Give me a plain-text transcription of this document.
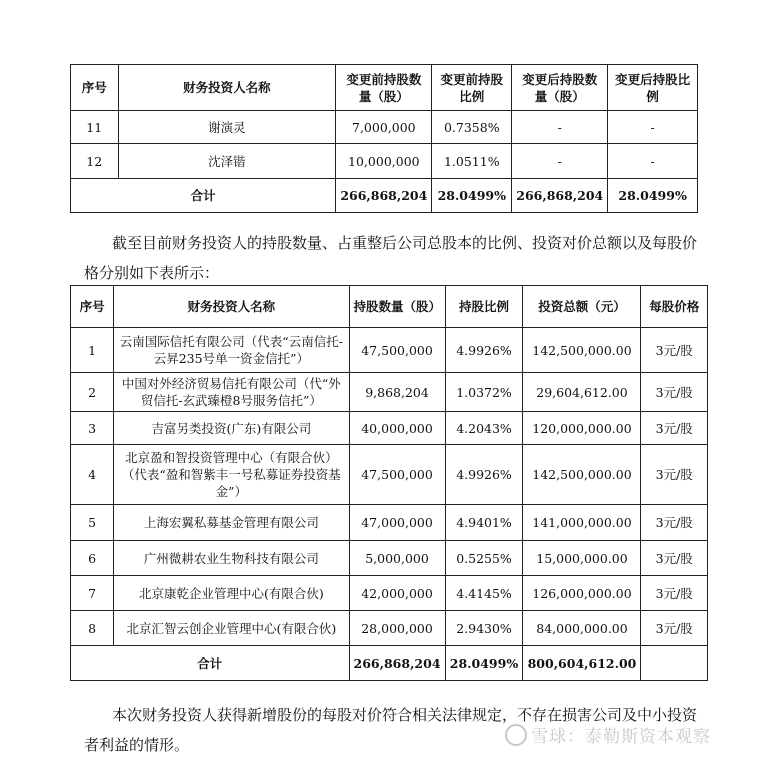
序号	财务投资人名称	变更前持股数量（股）	变更前持股比例	变更后持股数量（股）	变更后持股比例
11	谢演灵	7,000,000	0.7358%	-	-
12	沈泽锴	10,000,000	1.0511%	-	-
合计		266,868,204	28.0499%	266,868,204	28.0499%
截至目前财务投资人的持股数量、占重整后公司总股本的比例、投资对价总额以及每股价格分别如下表所示：
序号	财务投资人名称	持股数量（股）	持股比例	投资总额（元）	每股价格
1	云南国际信托有限公司（代表“云南信托-云昇235号单一资金信托”）	47,500,000	4.9926%	142,500,000.00	3元/股
2	中国对外经济贸易信托有限公司（代“外贸信托-玄武臻橙8号服务信托”）	9,868,204	1.0372%	29,604,612.00	3元/股
3	吉富另类投资(广东)有限公司	40,000,000	4.2043%	120,000,000.00	3元/股
4	北京盈和智投资管理中心（有限合伙）（代表“盈和智紫丰一号私募证券投资基金”）	47,500,000	4.9926%	142,500,000.00	3元/股
5	上海宏翼私募基金管理有限公司	47,000,000	4.9401%	141,000,000.00	3元/股
6	广州微耕农业生物科技有限公司	5,000,000	0.5255%	15,000,000.00	3元/股
7	北京康乾企业管理中心(有限合伙)	42,000,000	4.4145%	126,000,000.00	3元/股
8	北京汇智云创企业管理中心(有限合伙)	28,000,000	2.9430%	84,000,000.00	3元/股
合计		266,868,204	28.0499%	800,604,612.00	
本次财务投资人获得新增股份的每股对价符合相关法律规定，不存在损害公司及中小投资者利益的情形。	雪球：泰勒斯资本观察
